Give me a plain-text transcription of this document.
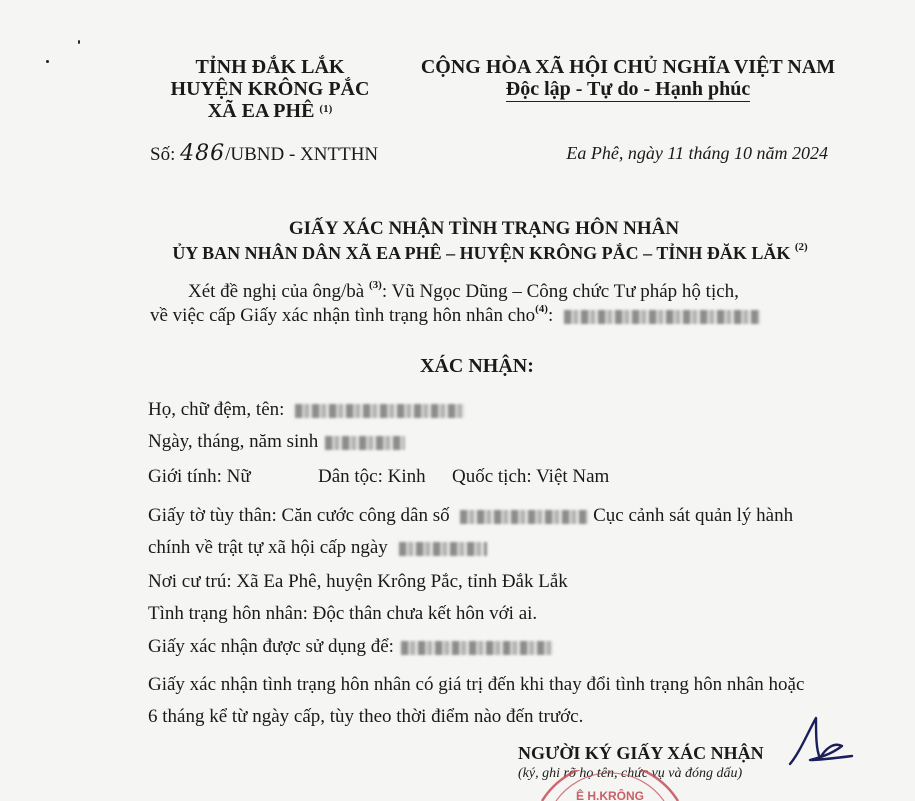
TỈNH ĐẮK LẮK
HUYỆN KRÔNG PẮC
XÃ EA PHÊ $^{(1)}$
CỘNG HÒA XÃ HỘI CHỦ NGHĨA VIỆT NAM
Độc lập - Tự do - Hạnh phúc
Số: 486/UBND - XNTTHN	Ea Phê, ngày 11 tháng 10 năm 2024
GIẤY XÁC NHẬN TÌNH TRẠNG HÔN NHÂN
ỦY BAN NHÂN DÂN XÃ EA PHÊ – HUYỆN KRÔNG PẮC – TỈNH ĐĂK LĂK $^{(2)}$
Xét đề nghị của ông/bà $^{(3)}$: Vũ Ngọc Dũng – Công chức Tư pháp hộ tịch,
về việc cấp Giấy xác nhận tình trạng hôn nhân cho$^{(4)}$:
XÁC NHẬN:
Họ, chữ đệm, tên:
Ngày, tháng, năm sinh
Giới tính: Nữ	Dân tộc: Kinh Quốc tịch: Việt Nam
Giấy tờ tùy thân: Căn cước công dân số	Cục cảnh sát quản lý hành
chính về trật tự xã hội cấp ngày
Nơi cư trú: Xã Ea Phê, huyện Krông Pắc, tỉnh Đắk Lắk
Tình trạng hôn nhân: Độc thân chưa kết hôn với ai.
Giấy xác nhận được sử dụng để:
Giấy xác nhận tình trạng hôn nhân có giá trị đến khi thay đổi tình trạng hôn nhân hoặc
6 tháng kể từ ngày cấp, tùy theo thời điểm nào đến trước.
NGƯỜI KÝ GIẤY XÁC NHẬN
(ký, ghi rõ họ tên, chức vụ và đóng dấu)
Ê H.KRÔNG
